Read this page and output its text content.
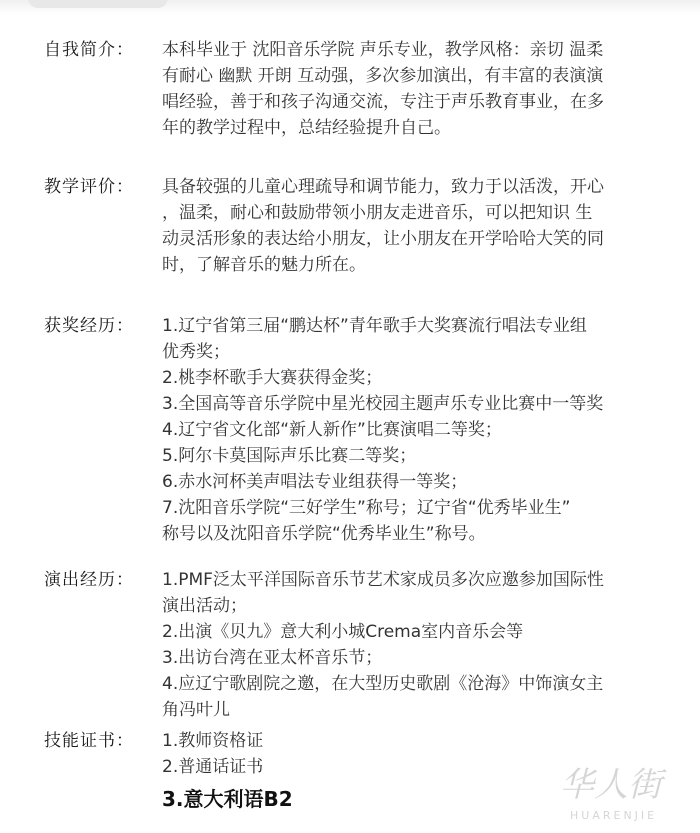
自我简介： 本科毕业于 沈阳音乐学院 声乐专业，教学风格：亲切 温柔
有耐心 幽默 开朗 互动强，多次参加演出，有丰富的表演演
唱经验，善于和孩子沟通交流，专注于声乐教育事业，在多
年的教学过程中，总结经验提升自己。
教学评价： 具备较强的儿童心理疏导和调节能力，致力于以活泼，开心
，温柔，耐心和鼓励带领小朋友走进音乐，可以把知识 生
动灵活形象的表达给小朋友，让小朋友在开学哈哈大笑的同
时，了解音乐的魅力所在。
获奖经历： 1.辽宁省第三届“鹏达杯”青年歌手大奖赛流行唱法专业组
优秀奖；
2.桃李杯歌手大赛获得金奖；
3.全国高等音乐学院中星光校园主题声乐专业比赛中一等奖
4.辽宁省文化部“新人新作”比赛演唱二等奖；
5.阿尔卡莫国际声乐比赛二等奖；
6.赤水河杯美声唱法专业组获得一等奖；
7.沈阳音乐学院“三好学生”称号；辽宁省“优秀毕业生”
称号以及沈阳音乐学院“优秀毕业生”称号。
演出经历： 1.PMF泛太平洋国际音乐节艺术家成员多次应邀参加国际性
演出活动；
2.出演《贝九》意大利小城Crema室内音乐会等
3.出访台湾在亚太杯音乐节；
4.应辽宁歌剧院之邀，在大型历史歌剧《沧海》中饰演女主
角冯叶儿
技能证书： 1.教师资格证
2.普通话证书
3.意大利语B2	华人街
HUARENJIE
